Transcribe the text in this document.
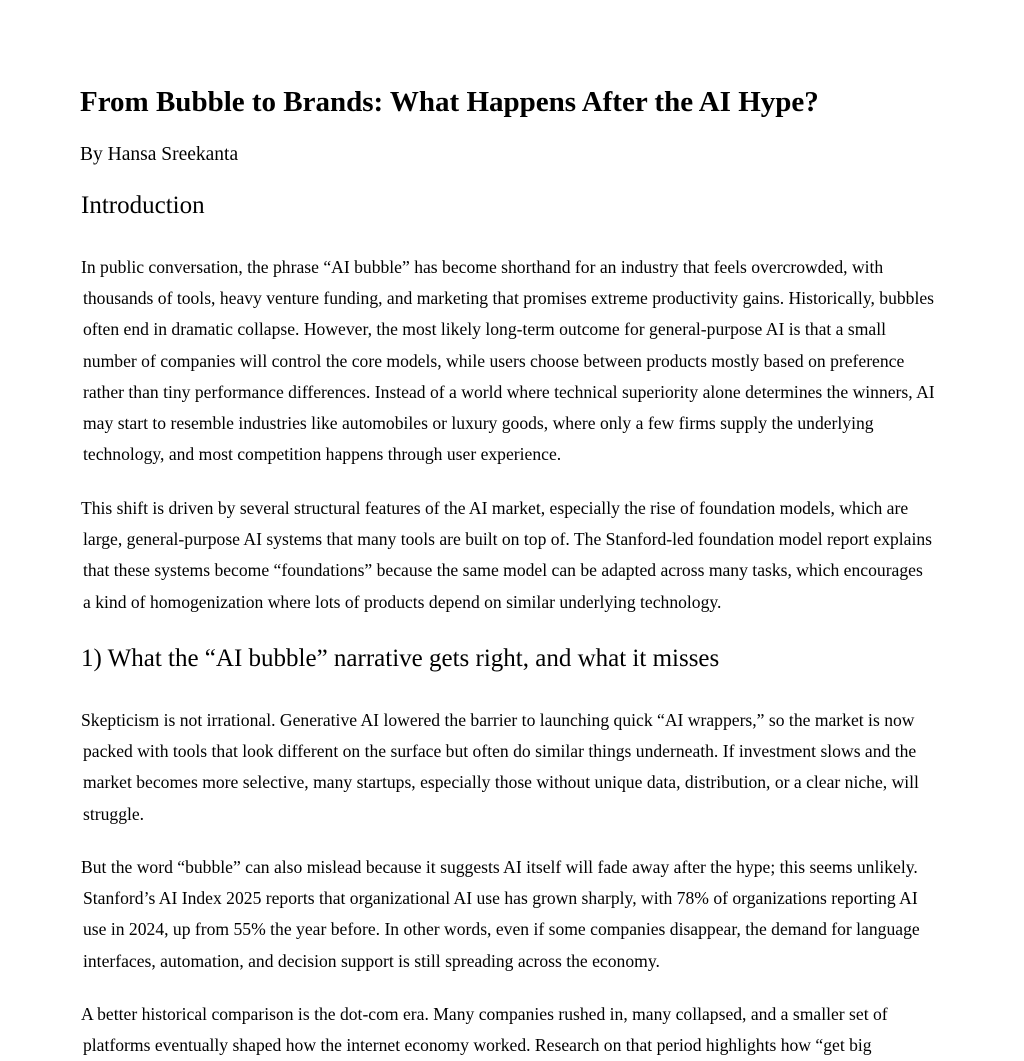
From Bubble to Brands: What Happens After the AI Hype?

By Hansa Sreekanta

Introduction

In public conversation, the phrase “AI bubble” has become shorthand for an industry that feels overcrowded, with thousands of tools, heavy venture funding, and marketing that promises extreme productivity gains. Historically, bubbles often end in dramatic collapse. However, the most likely long-term outcome for general-purpose AI is that a small number of companies will control the core models, while users choose between products mostly based on preference rather than tiny performance differences. Instead of a world where technical superiority alone determines the winners, AI may start to resemble industries like automobiles or luxury goods, where only a few firms supply the underlying technology, and most competition happens through user experience.

This shift is driven by several structural features of the AI market, especially the rise of foundation models, which are large, general-purpose AI systems that many tools are built on top of. The Stanford-led foundation model report explains that these systems become “foundations” because the same model can be adapted across many tasks, which encourages a kind of homogenization where lots of products depend on similar underlying technology.

1) What the “AI bubble” narrative gets right, and what it misses

Skepticism is not irrational. Generative AI lowered the barrier to launching quick “AI wrappers,” so the market is now packed with tools that look different on the surface but often do similar things underneath. If investment slows and the market becomes more selective, many startups, especially those without unique data, distribution, or a clear niche, will struggle.

But the word “bubble” can also mislead because it suggests AI itself will fade away after the hype; this seems unlikely. Stanford’s AI Index 2025 reports that organizational AI use has grown sharply, with 78% of organizations reporting AI use in 2024, up from 55% the year before. In other words, even if some companies disappear, the demand for language interfaces, automation, and decision support is still spreading across the economy.

A better historical comparison is the dot-com era. Many companies rushed in, many collapsed, and a smaller set of platforms eventually shaped how the internet economy worked. Research on that period highlights how “get big
